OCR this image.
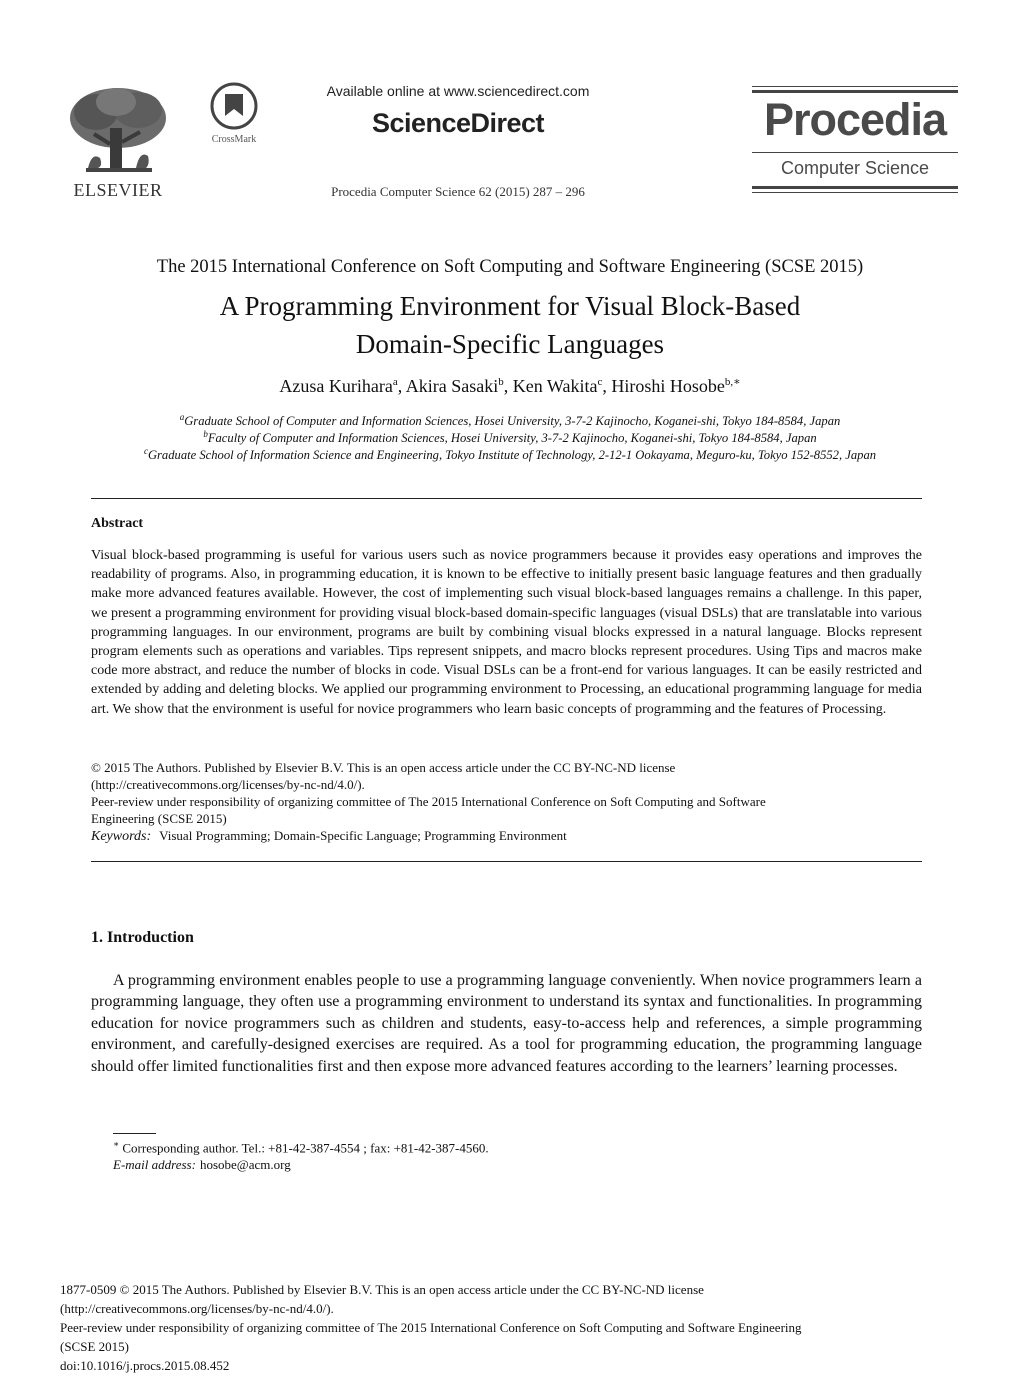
ELSEVIER
CrossMark
Available online at www.sciencedirect.com
ScienceDirect
Procedia Computer Science 62 (2015) 287 – 296
Procedia
Computer Science
The 2015 International Conference on Soft Computing and Software Engineering (SCSE 2015)
A Programming Environment for Visual Block-Based
Domain-Specific Languages
Azusa Kurihara$^a$, Akira Sasaki$^b$, Ken Wakita$^c$, Hiroshi Hosobe$^{b,∗}$
$^a$Graduate School of Computer and Information Sciences, Hosei University, 3-7-2 Kajinocho, Koganei-shi, Tokyo 184-8584, Japan
$^b$Faculty of Computer and Information Sciences, Hosei University, 3-7-2 Kajinocho, Koganei-shi, Tokyo 184-8584, Japan
$^c$Graduate School of Information Science and Engineering, Tokyo Institute of Technology, 2-12-1 Ookayama, Meguro-ku, Tokyo 152-8552, Japan
Abstract
Visual block-based programming is useful for various users such as novice programmers because it provides easy operations and improves the readability of programs. Also, in programming education, it is known to be effective to initially present basic language features and then gradually make more advanced features available. However, the cost of implementing such visual block-based languages remains a challenge. In this paper, we present a programming environment for providing visual block-based domain-specific languages (visual DSLs) that are translatable into various programming languages. In our environment, programs are built by combining visual blocks expressed in a natural language. Blocks represent program elements such as operations and variables. Tips represent snippets, and macro blocks represent procedures. Using Tips and macros make code more abstract, and reduce the number of blocks in code. Visual DSLs can be a front-end for various languages. It can be easily restricted and extended by adding and deleting blocks. We applied our programming environment to Processing, an educational programming language for media art. We show that the environment is useful for novice programmers who learn basic concepts of programming and the features of Processing.
© 2015 The Authors. Published by Elsevier B.V. This is an open access article under the CC BY-NC-ND license
(http://creativecommons.org/licenses/by-nc-nd/4.0/).
Peer-review under responsibility of organizing committee of The 2015 International Conference on Soft Computing and Software
Engineering (SCSE 2015)
Keywords: Visual Programming; Domain-Specific Language; Programming Environment
1. Introduction
A programming environment enables people to use a programming language conveniently. When novice programmers learn a programming language, they often use a programming environment to understand its syntax and functionalities. In programming education for novice programmers such as children and students, easy-to-access help and references, a simple programming environment, and carefully-designed exercises are required. As a tool for programming education, the programming language should offer limited functionalities first and then expose more advanced features according to the learners’ learning processes.
∗ Corresponding author. Tel.: +81-42-387-4554 ; fax: +81-42-387-4560.
E-mail address: hosobe@acm.org
1877-0509 © 2015 The Authors. Published by Elsevier B.V. This is an open access article under the CC BY-NC-ND license
(http://creativecommons.org/licenses/by-nc-nd/4.0/).
Peer-review under responsibility of organizing committee of The 2015 International Conference on Soft Computing and Software Engineering
(SCSE 2015)
doi:10.1016/j.procs.2015.08.452
